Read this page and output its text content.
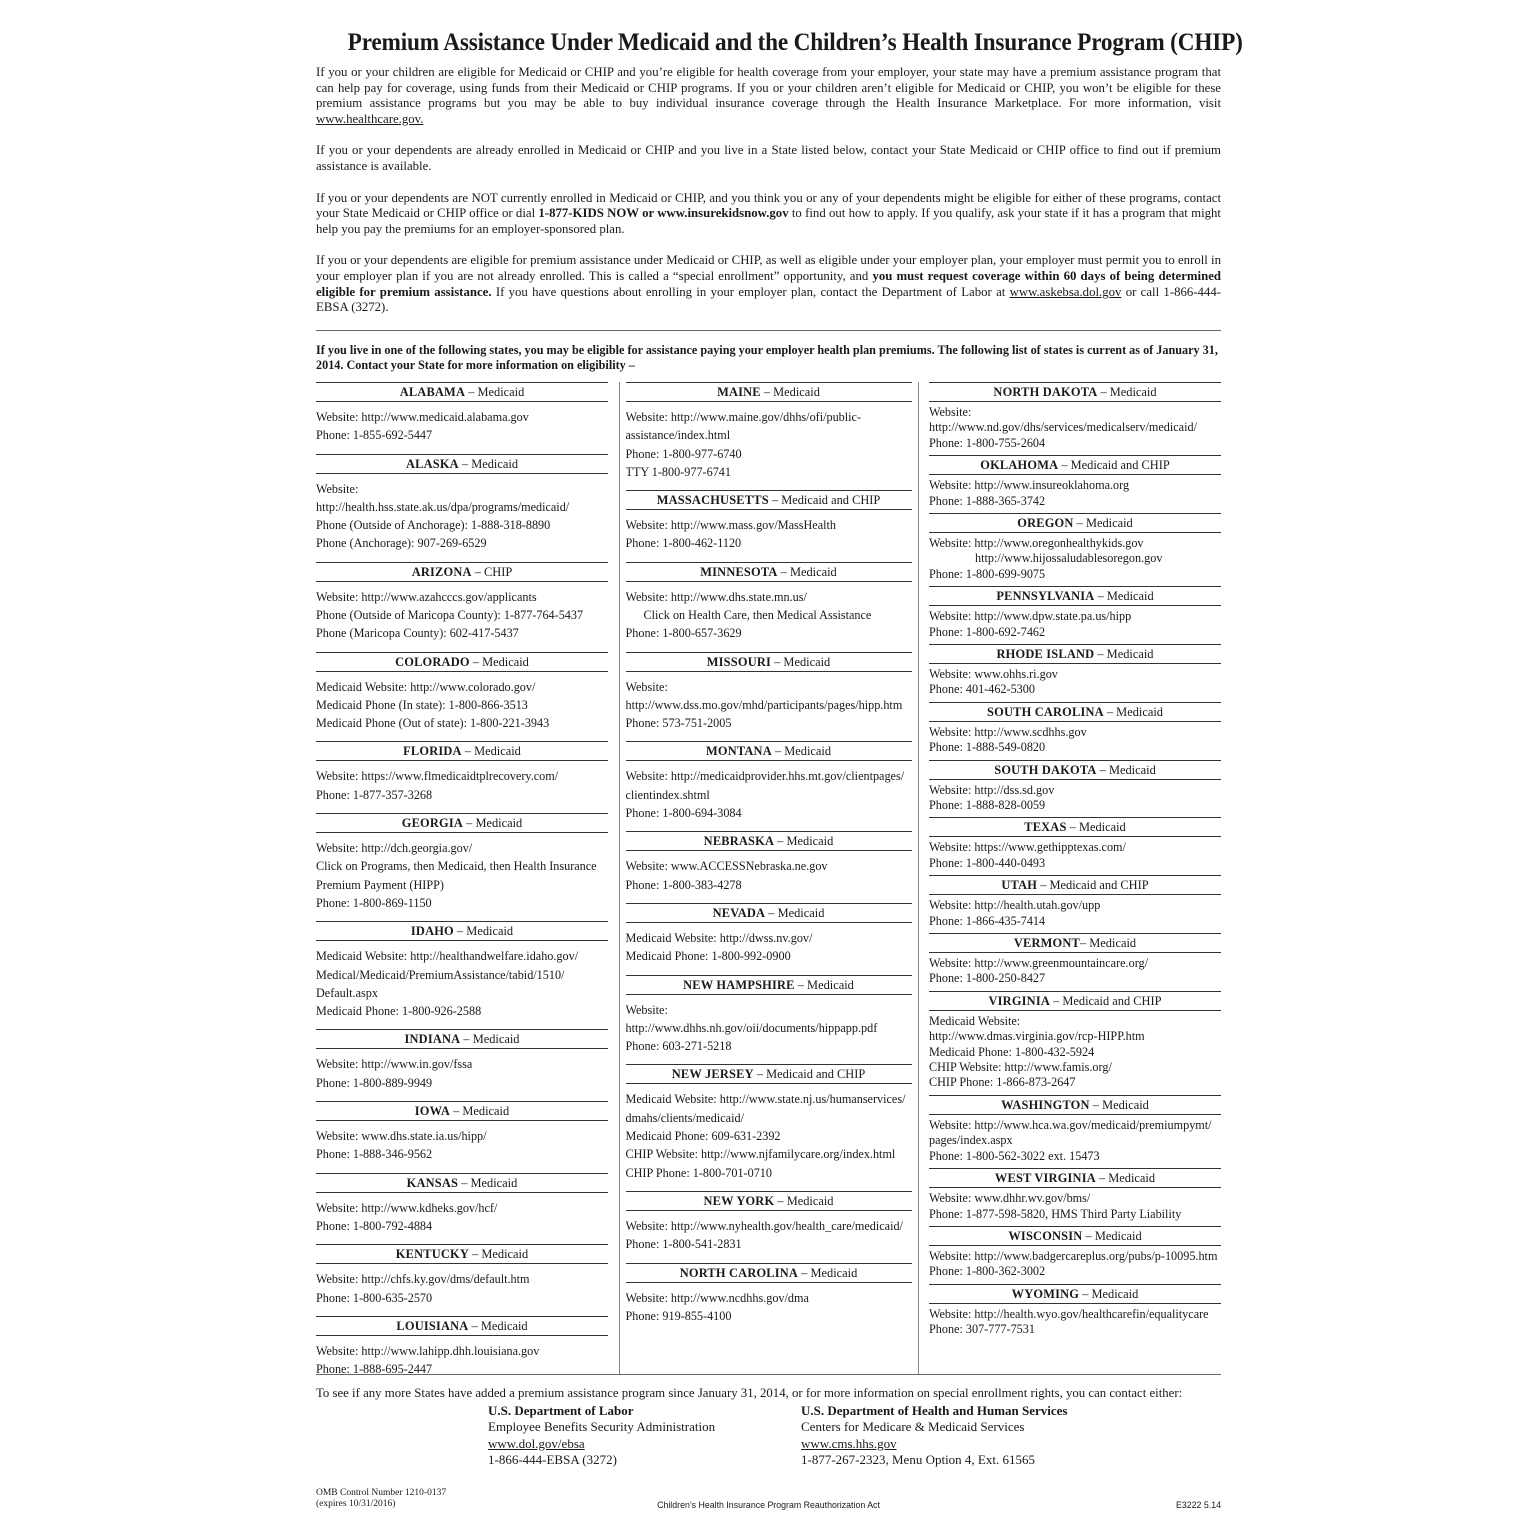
Premium Assistance Under Medicaid and the Children’s Health Insurance Program (CHIP)

If you or your children are eligible for Medicaid or CHIP and you’re eligible for health coverage from your employer, your state may have a premium assistance program that can help pay for coverage, using funds from their Medicaid or CHIP programs. If you or your children aren’t eligible for Medicaid or CHIP, you won’t be eligible for these premium assistance programs but you may be able to buy individual insurance coverage through the Health Insurance Marketplace. For more information, visit www.healthcare.gov.

If you or your dependents are already enrolled in Medicaid or CHIP and you live in a State listed below, contact your State Medicaid or CHIP office to find out if premium assistance is available.

If you or your dependents are NOT currently enrolled in Medicaid or CHIP, and you think you or any of your dependents might be eligible for either of these programs, contact your State Medicaid or CHIP office or dial 1-877-KIDS NOW or www.insurekidsnow.gov to find out how to apply. If you qualify, ask your state if it has a program that might help you pay the premiums for an employer-sponsored plan.

If you or your dependents are eligible for premium assistance under Medicaid or CHIP, as well as eligible under your employer plan, your employer must permit you to enroll in your employer plan if you are not already enrolled. This is called a “special enrollment” opportunity, and you must request coverage within 60 days of being determined eligible for premium assistance. If you have questions about enrolling in your employer plan, contact the Department of Labor at www.askebsa.dol.gov or call 1-866-444-EBSA (3272).

If you live in one of the following states, you may be eligible for assistance paying your employer health plan premiums. The following list of states is current as of January 31, 2014. Contact your State for more information on eligibility –
ALABAMA – Medicaid
Website: http://www.medicaid.alabama.gov
Phone: 1-855-692-5447
ALASKA – Medicaid
Website:
http://health.hss.state.ak.us/dpa/programs/medicaid/
Phone (Outside of Anchorage): 1-888-318-8890
Phone (Anchorage): 907-269-6529
ARIZONA – CHIP
Website: http://www.azahcccs.gov/applicants
Phone (Outside of Maricopa County): 1-877-764-5437
Phone (Maricopa County): 602-417-5437
COLORADO – Medicaid
Medicaid Website: http://www.colorado.gov/
Medicaid Phone (In state): 1-800-866-3513
Medicaid Phone (Out of state): 1-800-221-3943
FLORIDA – Medicaid
Website: https://www.flmedicaidtplrecovery.com/
Phone: 1-877-357-3268
GEORGIA – Medicaid
Website: http://dch.georgia.gov/
Click on Programs, then Medicaid, then Health Insurance
Premium Payment (HIPP)
Phone: 1-800-869-1150
IDAHO – Medicaid
Medicaid Website: http://healthandwelfare.idaho.gov/
Medical/Medicaid/PremiumAssistance/tabid/1510/
Default.aspx
Medicaid Phone: 1-800-926-2588
INDIANA – Medicaid
Website: http://www.in.gov/fssa
Phone: 1-800-889-9949
IOWA – Medicaid
Website: www.dhs.state.ia.us/hipp/
Phone: 1-888-346-9562
KANSAS – Medicaid
Website: http://www.kdheks.gov/hcf/
Phone: 1-800-792-4884
KENTUCKY – Medicaid
Website: http://chfs.ky.gov/dms/default.htm
Phone: 1-800-635-2570
LOUISIANA – Medicaid
Website: http://www.lahipp.dhh.louisiana.gov
Phone: 1-888-695-2447
MAINE – Medicaid
Website: http://www.maine.gov/dhhs/ofi/public-
assistance/index.html
Phone: 1-800-977-6740
TTY 1-800-977-6741
MASSACHUSETTS – Medicaid and CHIP
Website: http://www.mass.gov/MassHealth
Phone: 1-800-462-1120
MINNESOTA – Medicaid
Website: http://www.dhs.state.mn.us/
Click on Health Care, then Medical Assistance
Phone: 1-800-657-3629
MISSOURI – Medicaid
Website:
http://www.dss.mo.gov/mhd/participants/pages/hipp.htm
Phone: 573-751-2005
MONTANA – Medicaid
Website: http://medicaidprovider.hhs.mt.gov/clientpages/
clientindex.shtml
Phone: 1-800-694-3084
NEBRASKA – Medicaid
Website: www.ACCESSNebraska.ne.gov
Phone: 1-800-383-4278
NEVADA – Medicaid
Medicaid Website: http://dwss.nv.gov/
Medicaid Phone: 1-800-992-0900
NEW HAMPSHIRE – Medicaid
Website:
http://www.dhhs.nh.gov/oii/documents/hippapp.pdf
Phone: 603-271-5218
NEW JERSEY – Medicaid and CHIP
Medicaid Website: http://www.state.nj.us/humanservices/
dmahs/clients/medicaid/
Medicaid Phone: 609-631-2392
CHIP Website: http://www.njfamilycare.org/index.html
CHIP Phone: 1-800-701-0710
NEW YORK – Medicaid
Website: http://www.nyhealth.gov/health_care/medicaid/
Phone: 1-800-541-2831
NORTH CAROLINA – Medicaid
Website: http://www.ncdhhs.gov/dma
Phone: 919-855-4100
NORTH DAKOTA – Medicaid
Website:
http://www.nd.gov/dhs/services/medicalserv/medicaid/
Phone: 1-800-755-2604
OKLAHOMA – Medicaid and CHIP
Website: http://www.insureoklahoma.org
Phone: 1-888-365-3742
OREGON – Medicaid
Website: http://www.oregonhealthykids.gov
http://www.hijossaludablesoregon.gov
Phone: 1-800-699-9075
PENNSYLVANIA – Medicaid
Website: http://www.dpw.state.pa.us/hipp
Phone: 1-800-692-7462
RHODE ISLAND – Medicaid
Website: www.ohhs.ri.gov
Phone: 401-462-5300
SOUTH CAROLINA – Medicaid
Website: http://www.scdhhs.gov
Phone: 1-888-549-0820
SOUTH DAKOTA – Medicaid
Website: http://dss.sd.gov
Phone: 1-888-828-0059
TEXAS – Medicaid
Website: https://www.gethipptexas.com/
Phone: 1-800-440-0493
UTAH – Medicaid and CHIP
Website: http://health.utah.gov/upp
Phone: 1-866-435-7414
VERMONT– Medicaid
Website: http://www.greenmountaincare.org/
Phone: 1-800-250-8427
VIRGINIA – Medicaid and CHIP
Medicaid Website:
http://www.dmas.virginia.gov/rcp-HIPP.htm
Medicaid Phone: 1-800-432-5924
CHIP Website: http://www.famis.org/
CHIP Phone: 1-866-873-2647
WASHINGTON – Medicaid
Website: http://www.hca.wa.gov/medicaid/premiumpymt/
pages/index.aspx
Phone: 1-800-562-3022 ext. 15473
WEST VIRGINIA – Medicaid
Website: www.dhhr.wv.gov/bms/
Phone: 1-877-598-5820, HMS Third Party Liability
WISCONSIN – Medicaid
Website: http://www.badgercareplus.org/pubs/p-10095.htm
Phone: 1-800-362-3002
WYOMING – Medicaid
Website: http://health.wyo.gov/healthcarefin/equalitycare
Phone: 307-777-7531
To see if any more States have added a premium assistance program since January 31, 2014, or for more information on special enrollment rights, you can contact either:
U.S. Department of Labor
Employee Benefits Security Administration
www.dol.gov/ebsa
1-866-444-EBSA (3272)
U.S. Department of Health and Human Services
Centers for Medicare & Medicaid Services
www.cms.hhs.gov
1-877-267-2323, Menu Option 4, Ext. 61565
OMB Control Number 1210-0137
(expires 10/31/2016)	Children’s Health Insurance Program Reauthorization Act	E3222 5.14
